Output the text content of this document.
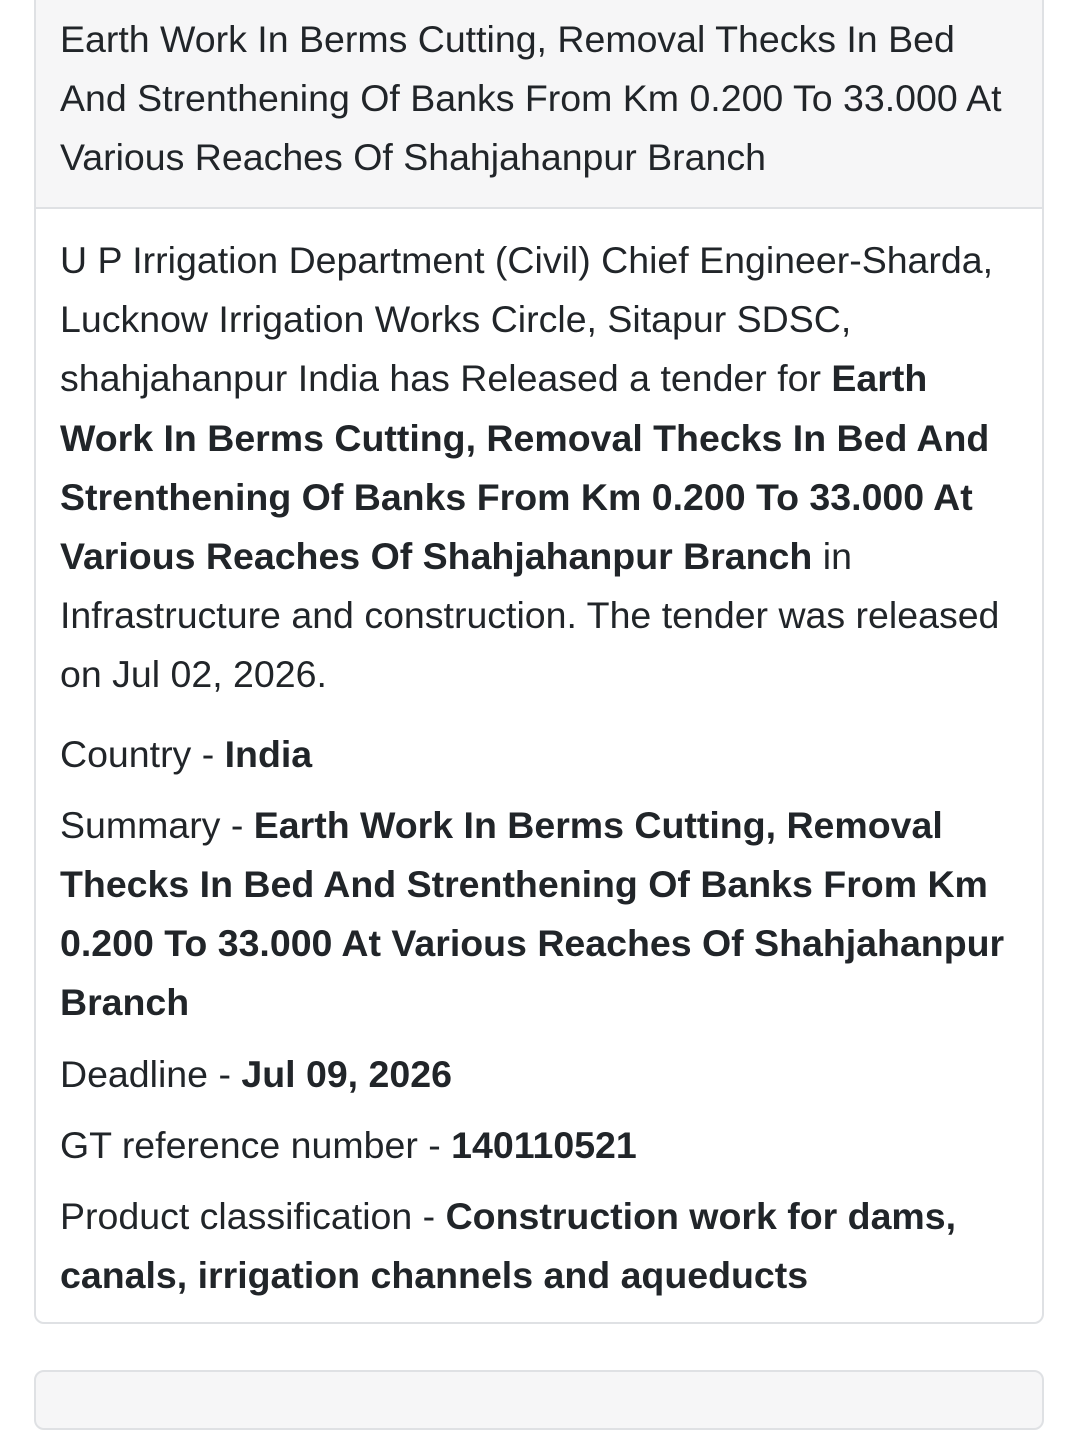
Earth Work In Berms Cutting, Removal Thecks In Bed And Strenthening Of Banks From Km 0.200 To 33.000 At Various Reaches Of Shahjahanpur Branch

U P Irrigation Department (Civil) Chief Engineer-Sharda, Lucknow Irrigation Works Circle, Sitapur SDSC, shahjahanpur India has Released a tender for Earth Work In Berms Cutting, Removal Thecks In Bed And Strenthening Of Banks From Km 0.200 To 33.000 At Various Reaches Of Shahjahanpur Branch in Infrastructure and construction. The tender was released on Jul 02, 2026.

Country - India

Summary - Earth Work In Berms Cutting, Removal Thecks In Bed And Strenthening Of Banks From Km 0.200 To 33.000 At Various Reaches Of Shahjahanpur Branch

Deadline - Jul 09, 2026

GT reference number - 140110521

Product classification - Construction work for dams, canals, irrigation channels and aqueducts
